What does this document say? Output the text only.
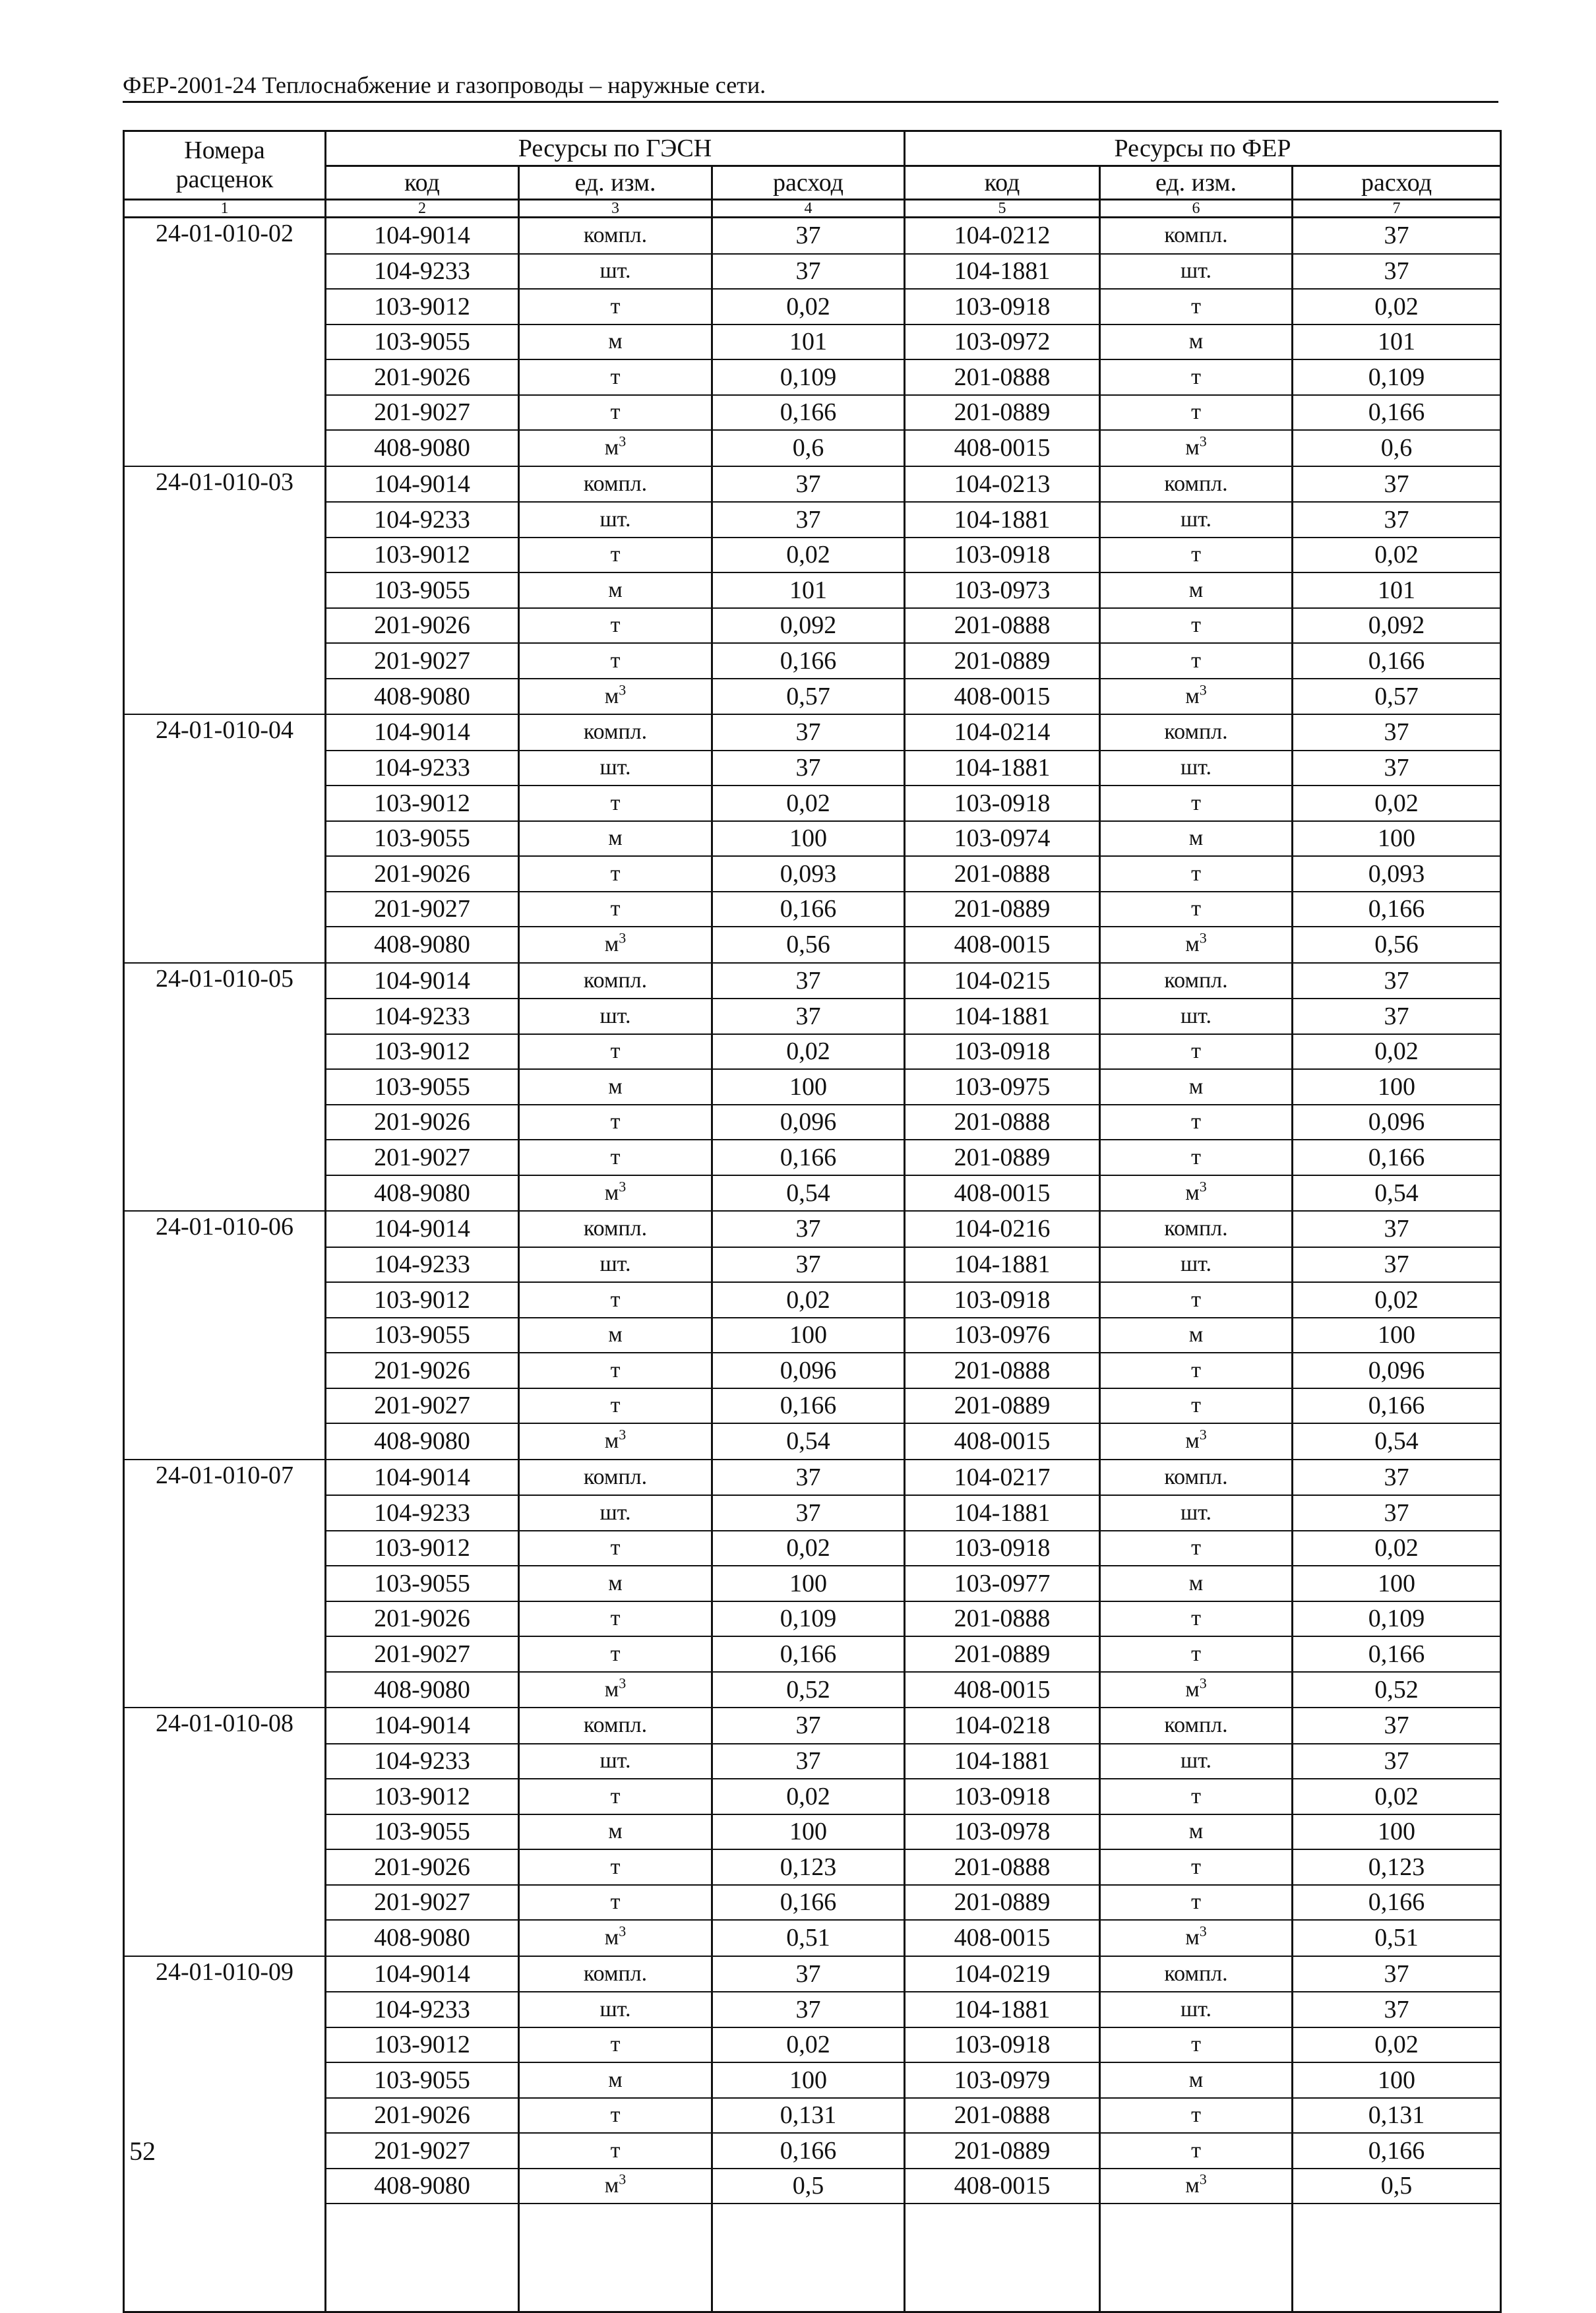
ФЕР-2001-24 Теплоснабжение и газопроводы – наружные сети.
Номера
расценок	Ресурсы по ГЭСН			Ресурсы по ФЕР		
	код	ед. изм.	расход	код	ед. изм.	расход
1	2	3	4	5	6	7
24-01-010-02	104-9014	компл.	37	104-0212	компл.	37
	104-9233	шт.	37	104-1881	шт.	37
	103-9012	т	0,02	103-0918	т	0,02
	103-9055	м	101	103-0972	м	101
	201-9026	т	0,109	201-0888	т	0,109
	201-9027	т	0,166	201-0889	т	0,166
	408-9080	$м^3$	0,6	408-0015	$м^3$	0,6
24-01-010-03	104-9014	компл.	37	104-0213	компл.	37
	104-9233	шт.	37	104-1881	шт.	37
	103-9012	т	0,02	103-0918	т	0,02
	103-9055	м	101	103-0973	м	101
	201-9026	т	0,092	201-0888	т	0,092
	201-9027	т	0,166	201-0889	т	0,166
	408-9080	$м^3$	0,57	408-0015	$м^3$	0,57
24-01-010-04	104-9014	компл.	37	104-0214	компл.	37
	104-9233	шт.	37	104-1881	шт.	37
	103-9012	т	0,02	103-0918	т	0,02
	103-9055	м	100	103-0974	м	100
	201-9026	т	0,093	201-0888	т	0,093
	201-9027	т	0,166	201-0889	т	0,166
	408-9080	$м^3$	0,56	408-0015	$м^3$	0,56
24-01-010-05	104-9014	компл.	37	104-0215	компл.	37
	104-9233	шт.	37	104-1881	шт.	37
	103-9012	т	0,02	103-0918	т	0,02
	103-9055	м	100	103-0975	м	100
	201-9026	т	0,096	201-0888	т	0,096
	201-9027	т	0,166	201-0889	т	0,166
	408-9080	$м^3$	0,54	408-0015	$м^3$	0,54
24-01-010-06	104-9014	компл.	37	104-0216	компл.	37
	104-9233	шт.	37	104-1881	шт.	37
	103-9012	т	0,02	103-0918	т	0,02
	103-9055	м	100	103-0976	м	100
	201-9026	т	0,096	201-0888	т	0,096
	201-9027	т	0,166	201-0889	т	0,166
	408-9080	$м^3$	0,54	408-0015	$м^3$	0,54
24-01-010-07	104-9014	компл.	37	104-0217	компл.	37
	104-9233	шт.	37	104-1881	шт.	37
	103-9012	т	0,02	103-0918	т	0,02
	103-9055	м	100	103-0977	м	100
	201-9026	т	0,109	201-0888	т	0,109
	201-9027	т	0,166	201-0889	т	0,166
	408-9080	$м^3$	0,52	408-0015	$м^3$	0,52
24-01-010-08	104-9014	компл.	37	104-0218	компл.	37
	104-9233	шт.	37	104-1881	шт.	37
	103-9012	т	0,02	103-0918	т	0,02
	103-9055	м	100	103-0978	м	100
	201-9026	т	0,123	201-0888	т	0,123
	201-9027	т	0,166	201-0889	т	0,166
	408-9080	$м^3$	0,51	408-0015	$м^3$	0,51
24-01-010-09	104-9014	компл.	37	104-0219	компл.	37
	104-9233	шт.	37	104-1881	шт.	37
	103-9012	т	0,02	103-0918	т	0,02
	103-9055	м	100	103-0979	м	100
	201-9026	т	0,131	201-0888	т	0,131
	201-9027	т	0,166	201-0889	т	0,166
	408-9080	$м^3$	0,5	408-0015	$м^3$	0,5

52
